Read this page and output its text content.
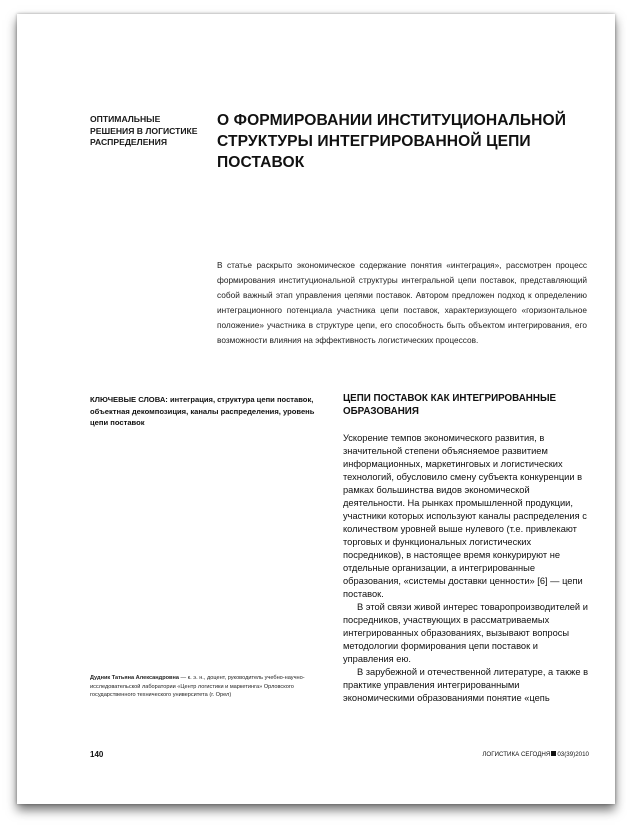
ОПТИМАЛЬНЫЕ РЕШЕНИЯ В ЛОГИСТИКЕ РАСПРЕДЕЛЕНИЯ
О ФОРМИРОВАНИИ ИНСТИТУЦИОНАЛЬНОЙ СТРУКТУРЫ ИНТЕГРИРОВАННОЙ ЦЕПИ ПОСТАВОК
В статье раскрыто экономическое содержание понятия «интеграция», рассмотрен процесс формирования институциональной структуры интегральной цепи поставок, представляющий собой важный этап управления цепями поставок. Автором предложен подход к определению интеграционного потенциала участника цепи поставок, характеризующего «горизонтальное положение» участника в структуре цепи, его способность быть объектом интегрирования, его возможности влияния на эффективность логистических процессов.
КЛЮЧЕВЫЕ СЛОВА: интеграция, структура цепи поставок, объектная декомпозиция, каналы распределения, уровень цепи поставок
ЦЕПИ ПОСТАВОК КАК ИНТЕГРИРОВАННЫЕ ОБРАЗОВАНИЯ

Ускорение темпов экономического развития, в значительной степени объясняемое развитием информационных, маркетинговых и логистических технологий, обусловило смену субъекта конкуренции в рамках большинства видов экономической деятельности. На рынках промышленной продукции, участники которых используют каналы распределения с количеством уровней выше нулевого (т.е. привлекают торговых и функциональных логистических посредников), в настоящее время конкурируют не отдельные организации, а интегрированные образования, «системы доставки ценности» [6] — цепи поставок.

В этой связи живой интерес товаропроизводителей и посредников, участвующих в рассматриваемых интегрированных образованиях, вызывают вопросы методологии формирования цепи поставок и управления ею.

В зарубежной и отечественной литературе, а также в практике управления интегрированными экономическими образованиями понятие «цепь

Дудник Татьяна Александровна — к. э. н., доцент, руководитель учебно-научно-исследовательской лаборатории «Центр логистики и маркетинга» Орловского государственного технического университета (г. Орел)
140	ЛОГИСТИКА СЕГОДНЯ 03(39)2010
